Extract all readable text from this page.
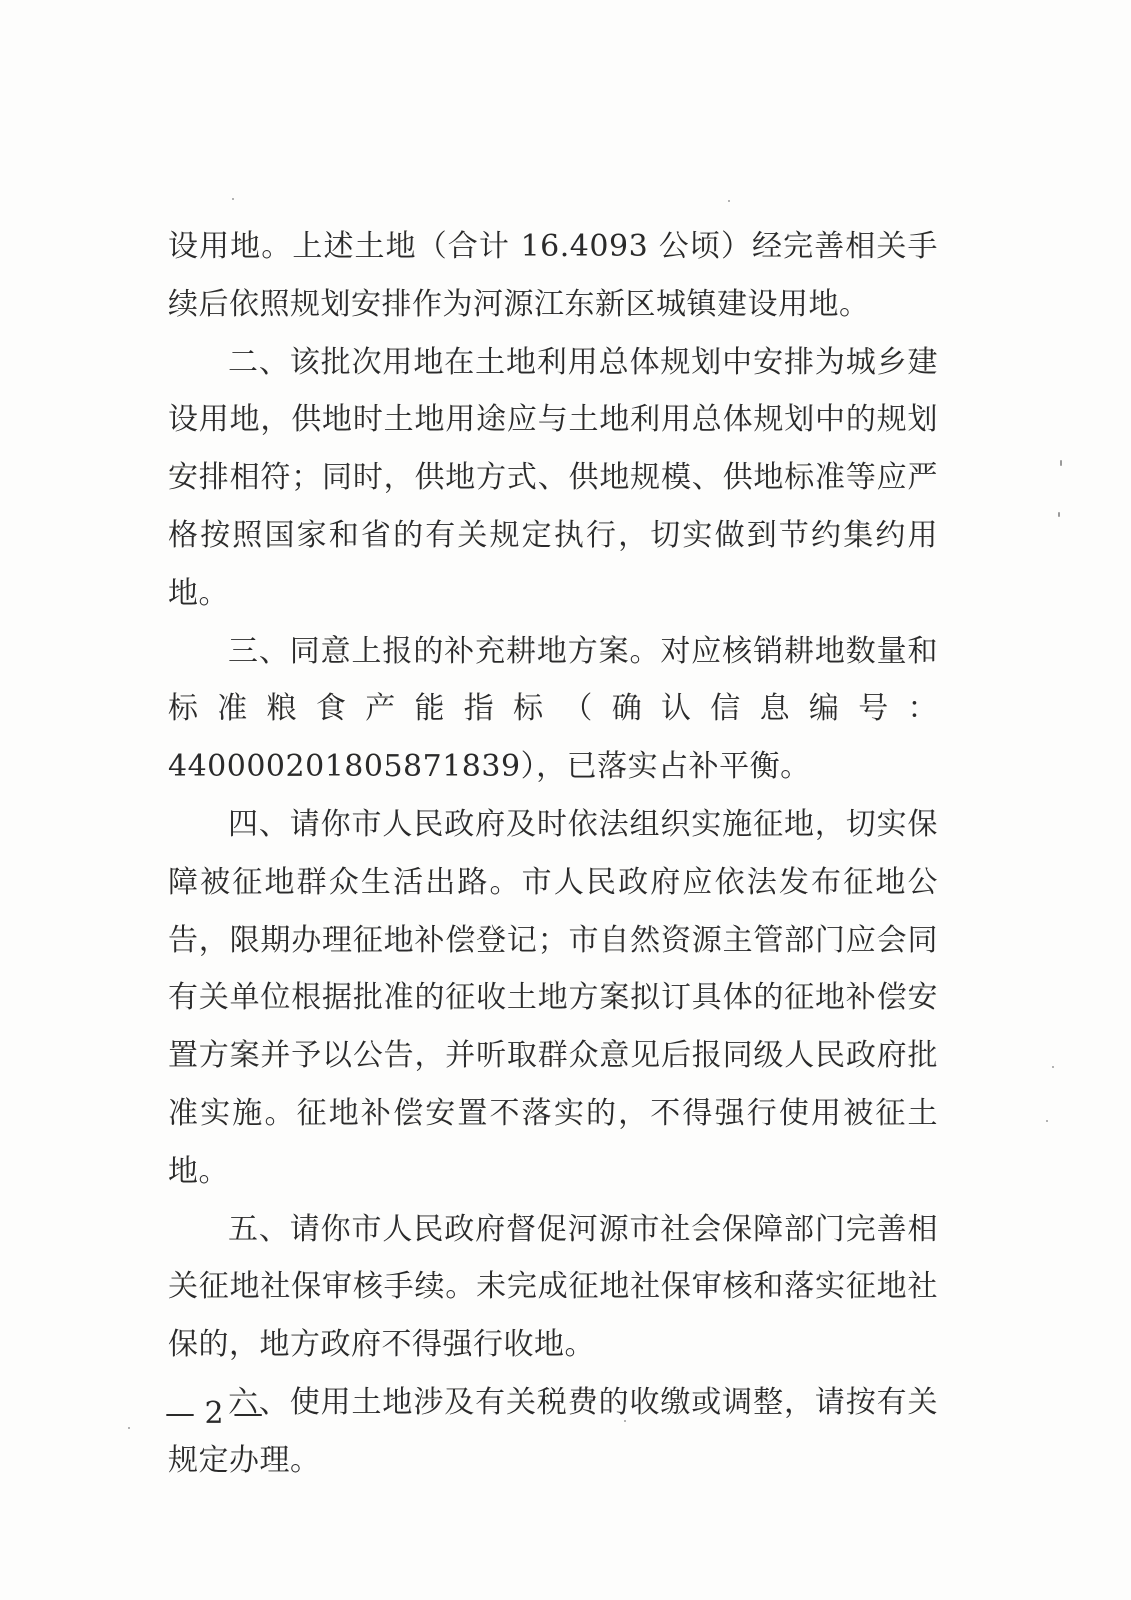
设用地。上述土地（合计 16.4093 公顷）经完善相关手续后依照规划安排作为河源江东新区城镇建设用地。

二、该批次用地在土地利用总体规划中安排为城乡建设用地，供地时土地用途应与土地利用总体规划中的规划安排相符；同时，供地方式、供地规模、供地标准等应严格按照国家和省的有关规定执行，切实做到节约集约用地。

三、同意上报的补充耕地方案。对应核销耕地数量和标准粮食产能指标（确认信息编号：440000201805871839），已落实占补平衡。

四、请你市人民政府及时依法组织实施征地，切实保障被征地群众生活出路。市人民政府应依法发布征地公告，限期办理征地补偿登记；市自然资源主管部门应会同有关单位根据批准的征收土地方案拟订具体的征地补偿安置方案并予以公告，并听取群众意见后报同级人民政府批准实施。征地补偿安置不落实的，不得强行使用被征土地。

五、请你市人民政府督促河源市社会保障部门完善相关征地社保审核手续。未完成征地社保审核和落实征地社保的，地方政府不得强行收地。

六、使用土地涉及有关税费的收缴或调整，请按有关规定办理。

— 2 —
